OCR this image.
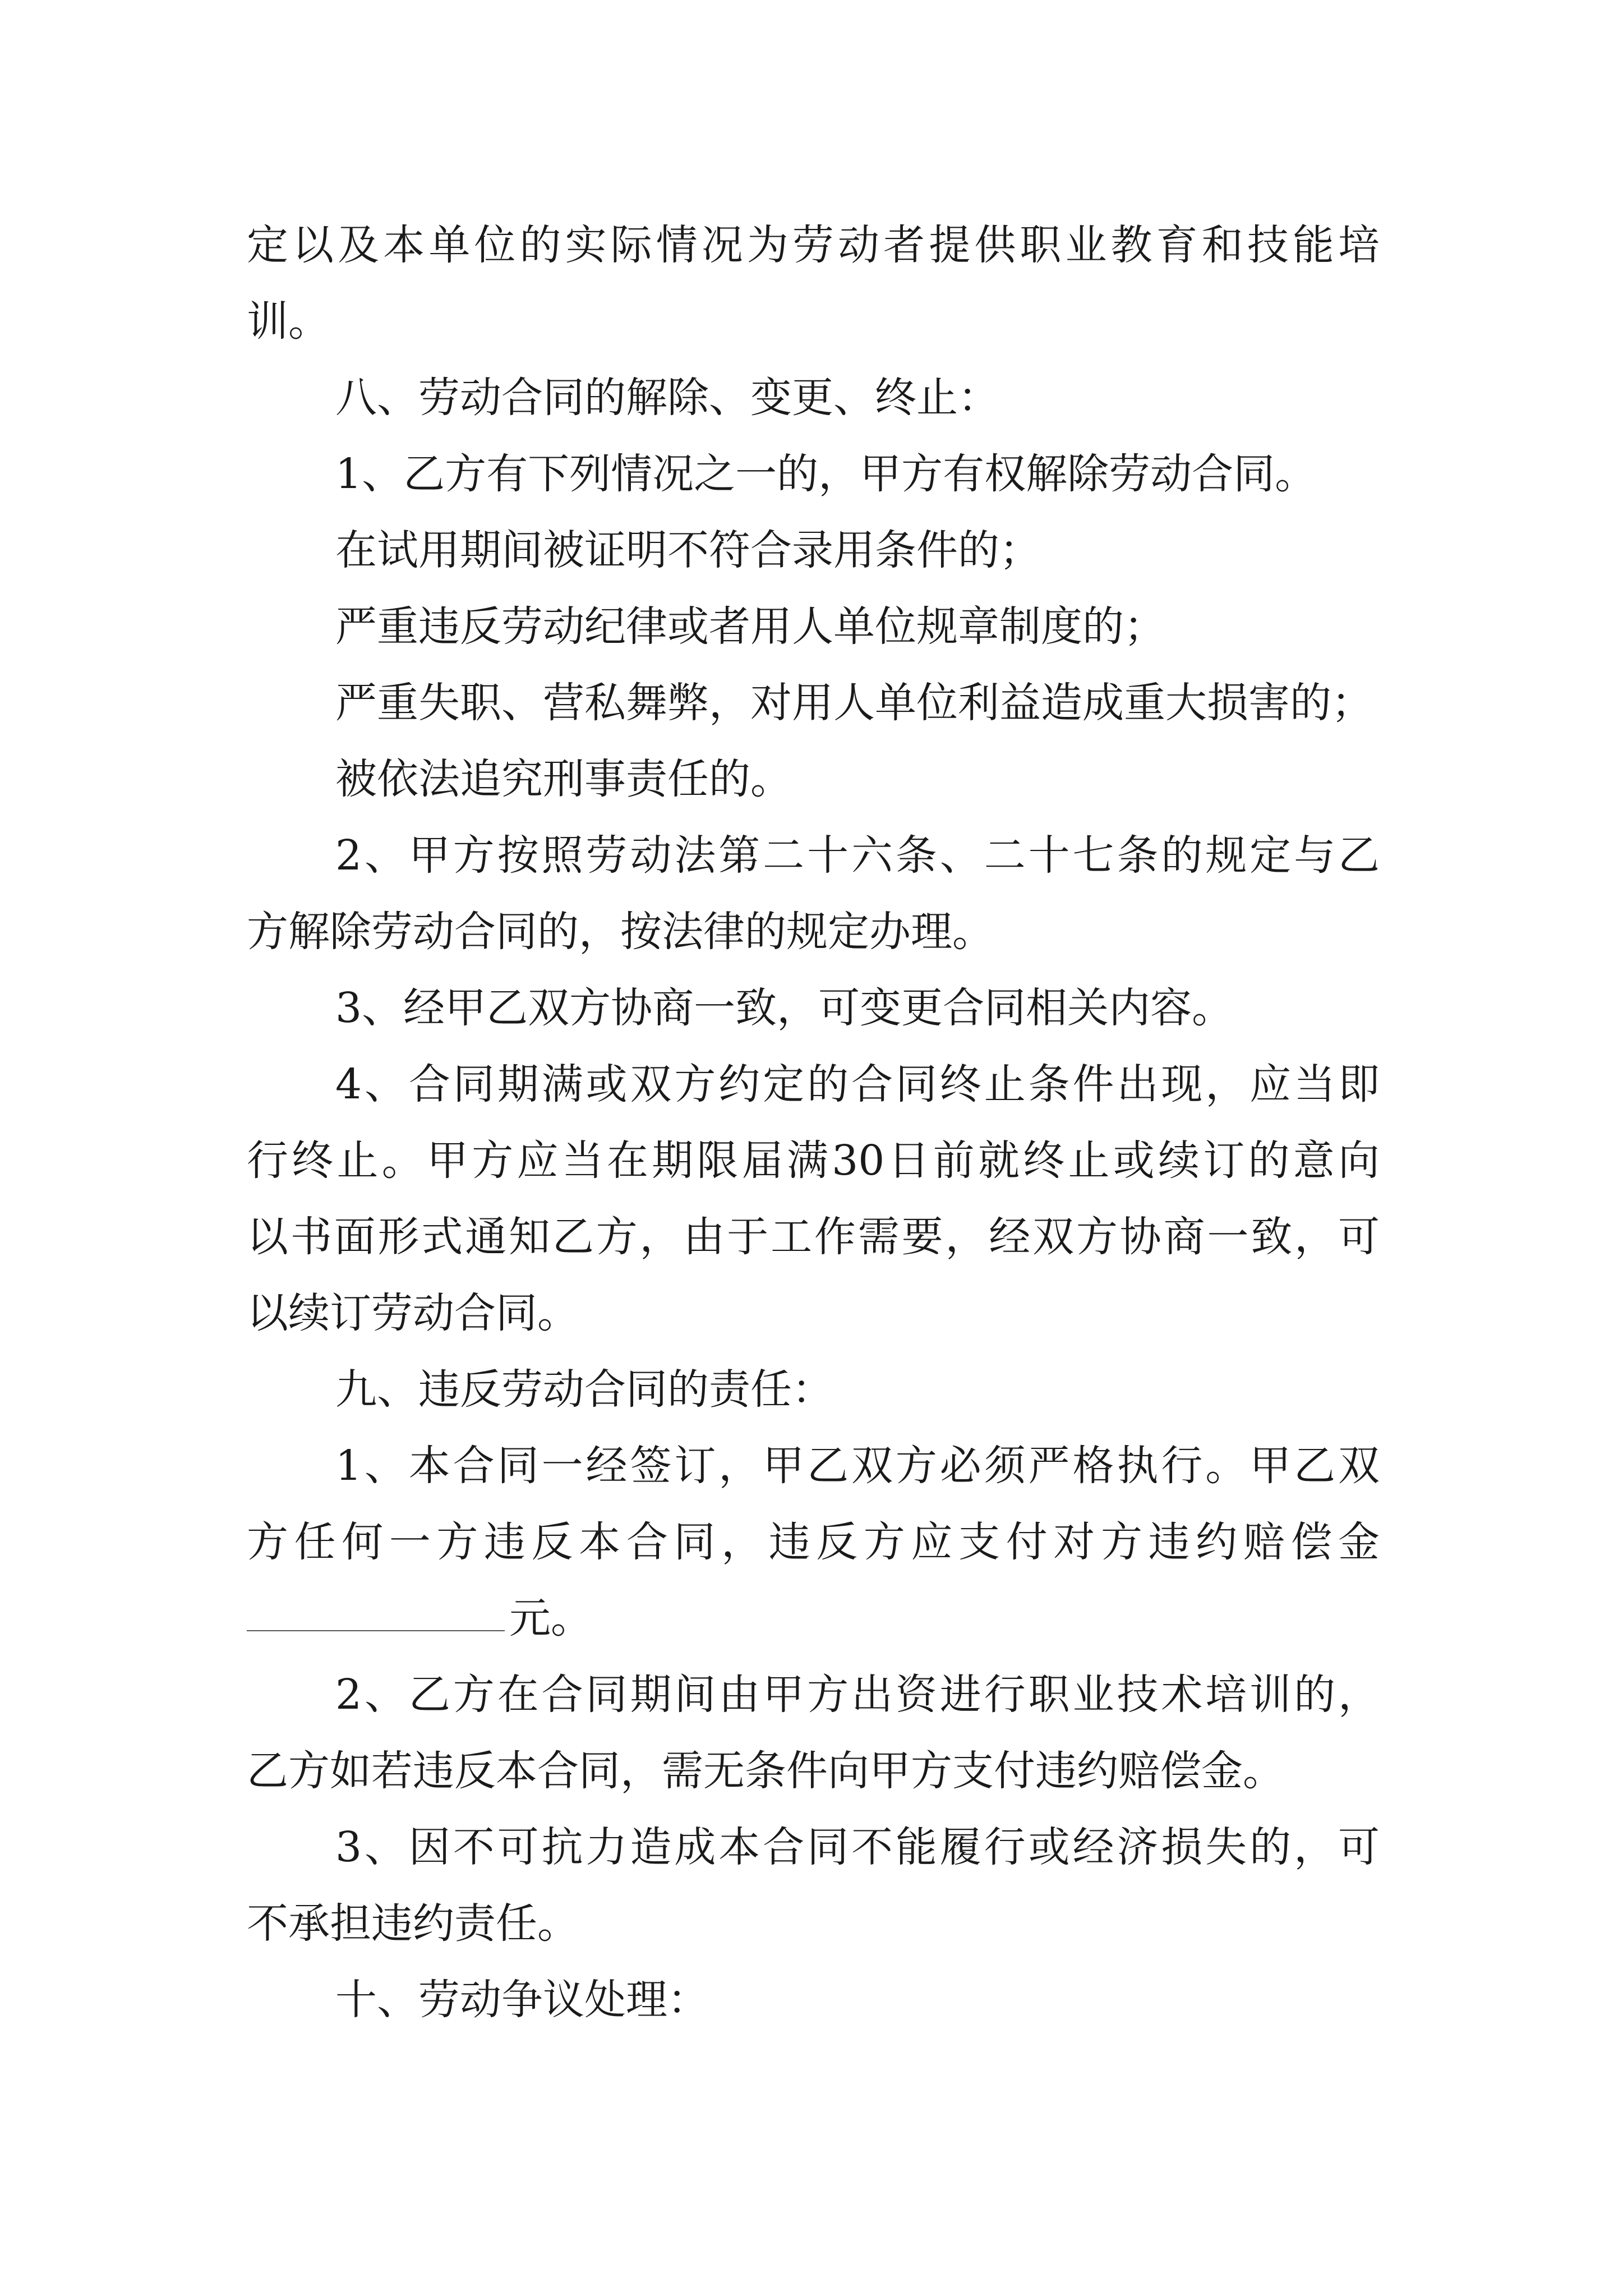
定以及本单位的实际情况为劳动者提供职业教育和技能培
训。
八、劳动合同的解除、变更、终止：
1、乙方有下列情况之一的，甲方有权解除劳动合同。
在试用期间被证明不符合录用条件的；
严重违反劳动纪律或者用人单位规章制度的；
严重失职、营私舞弊，对用人单位利益造成重大损害的；
被依法追究刑事责任的。
2、甲方按照劳动法第二十六条、二十七条的规定与乙
方解除劳动合同的，按法律的规定办理。
3、经甲乙双方协商一致，可变更合同相关内容。
4、合同期满或双方约定的合同终止条件出现，应当即
行终止。甲方应当在期限届满30日前就终止或续订的意向
以书面形式通知乙方，由于工作需要，经双方协商一致，可
以续订劳动合同。
九、违反劳动合同的责任：
1、本合同一经签订，甲乙双方必须严格执行。甲乙双
方任何一方违反本合同，违反方应支付对方违约赔偿金
元。
2、乙方在合同期间由甲方出资进行职业技术培训的，
乙方如若违反本合同，需无条件向甲方支付违约赔偿金。
3、因不可抗力造成本合同不能履行或经济损失的，可
不承担违约责任。
十、劳动争议处理：
